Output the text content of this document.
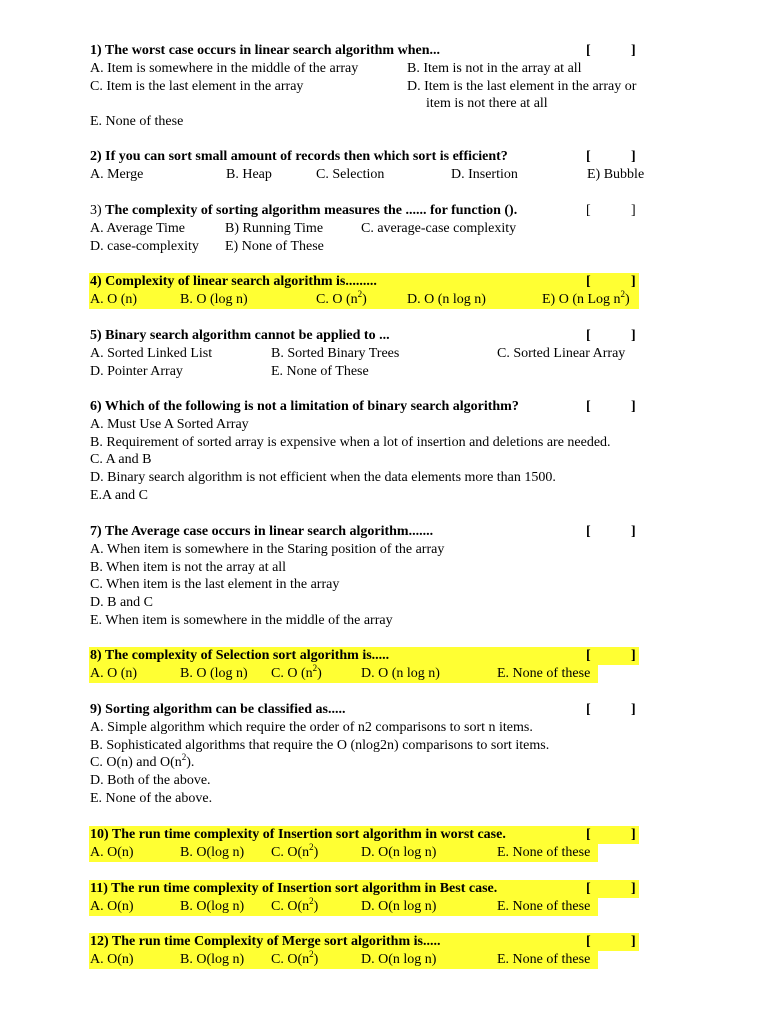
1) The worst case occurs in linear search algorithm when...	[	]
A. Item is somewhere in the middle of the array	B. Item is not in the array at all
C. Item is the last element in the array	D. Item is the last element in the array or
item is not there at all
E. None of these
2) If you can sort small amount of records then which sort is efficient?	[	]
A. Merge	B. Heap	C. Selection	D. Insertion	E) Bubble
3) The complexity of sorting algorithm measures the ...... for function ().	[	]
A. Average Time	B) Running Time	C. average-case complexity
D. case-complexity E) None of These
4) Complexity of linear search algorithm is.........	[	]
A. O (n)	B. O (log n)	C. O $(n^2)$	D. O (n log n)	E) O (n Log $n^2$)
5) Binary search algorithm cannot be applied to ...	[	]
A. Sorted Linked List	B. Sorted Binary Trees	C. Sorted Linear Array
D. Pointer Array	E. None of These
6) Which of the following is not a limitation of binary search algorithm?	[	]
A. Must Use A Sorted Array
B. Requirement of sorted array is expensive when a lot of insertion and deletions are needed.
C. A and B
D. Binary search algorithm is not efficient when the data elements more than 1500.
E.A and C
7) The Average case occurs in linear search algorithm.......	[	]
A. When item is somewhere in the Staring position of the array
B. When item is not the array at all
C. When item is the last element in the array
D. B and C
E. When item is somewhere in the middle of the array
8) The complexity of Selection sort algorithm is.....	[	]
A. O (n)	B. O (log n) C. O $(n^2)$	D. O (n log n)	E. None of these
9) Sorting algorithm can be classified as.....	[	]
A. Simple algorithm which require the order of n2 comparisons to sort n items.
B. Sophisticated algorithms that require the O (nlog2n) comparisons to sort items.
C. O(n) and $O(n^2)$.
D. Both of the above.
E. None of the above.
10) The run time complexity of Insertion sort algorithm in worst case.	[	]
A. O(n)	B. O(log n) C. $O(n^2)$	D. O(n log n)	E. None of these
11) The run time complexity of Insertion sort algorithm in Best case.	[	]
A. O(n)	B. O(log n) C. $O(n^2)$	D. O(n log n)	E. None of these
12) The run time Complexity of Merge sort algorithm is.....	[	]
A. O(n)	B. O(log n) C. $O(n^2)$	D. O(n log n)	E. None of these
